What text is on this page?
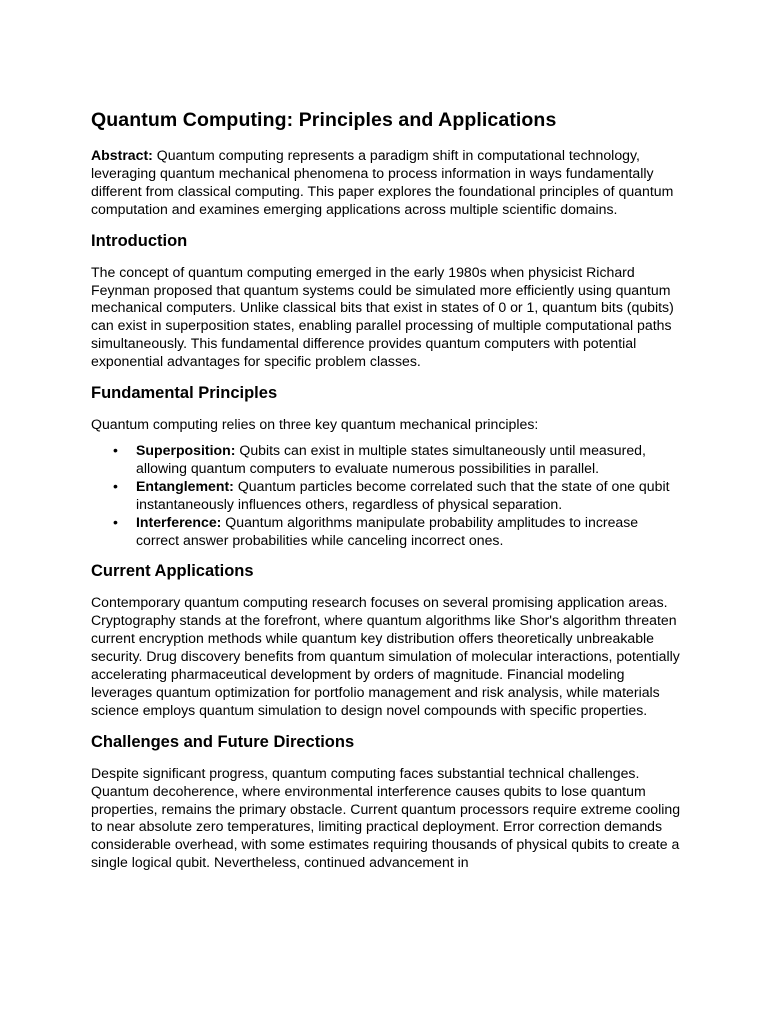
Quantum Computing: Principles and Applications

Abstract: Quantum computing represents a paradigm shift in computational technology, leveraging quantum mechanical phenomena to process information in ways fundamentally different from classical computing. This paper explores the foundational principles of quantum computation and examines emerging applications across multiple scientific domains.

Introduction

The concept of quantum computing emerged in the early 1980s when physicist Richard Feynman proposed that quantum systems could be simulated more efficiently using quantum mechanical computers. Unlike classical bits that exist in states of 0 or 1, quantum bits (qubits) can exist in superposition states, enabling parallel processing of multiple computational paths simultaneously. This fundamental difference provides quantum computers with potential exponential advantages for specific problem classes.

Fundamental Principles

Quantum computing relies on three key quantum mechanical principles:

• Superposition: Qubits can exist in multiple states simultaneously until measured, allowing quantum computers to evaluate numerous possibilities in parallel.
• Entanglement: Quantum particles become correlated such that the state of one qubit instantaneously influences others, regardless of physical separation.
• Interference: Quantum algorithms manipulate probability amplitudes to increase correct answer probabilities while canceling incorrect ones.
Current Applications

Contemporary quantum computing research focuses on several promising application areas. Cryptography stands at the forefront, where quantum algorithms like Shor's algorithm threaten current encryption methods while quantum key distribution offers theoretically unbreakable security. Drug discovery benefits from quantum simulation of molecular interactions, potentially accelerating pharmaceutical development by orders of magnitude. Financial modeling leverages quantum optimization for portfolio management and risk analysis, while materials science employs quantum simulation to design novel compounds with specific properties.

Challenges and Future Directions

Despite significant progress, quantum computing faces substantial technical challenges. Quantum decoherence, where environmental interference causes qubits to lose quantum properties, remains the primary obstacle. Current quantum processors require extreme cooling to near absolute zero temperatures, limiting practical deployment. Error correction demands considerable overhead, with some estimates requiring thousands of physical qubits to create a single logical qubit. Nevertheless, continued advancement in
